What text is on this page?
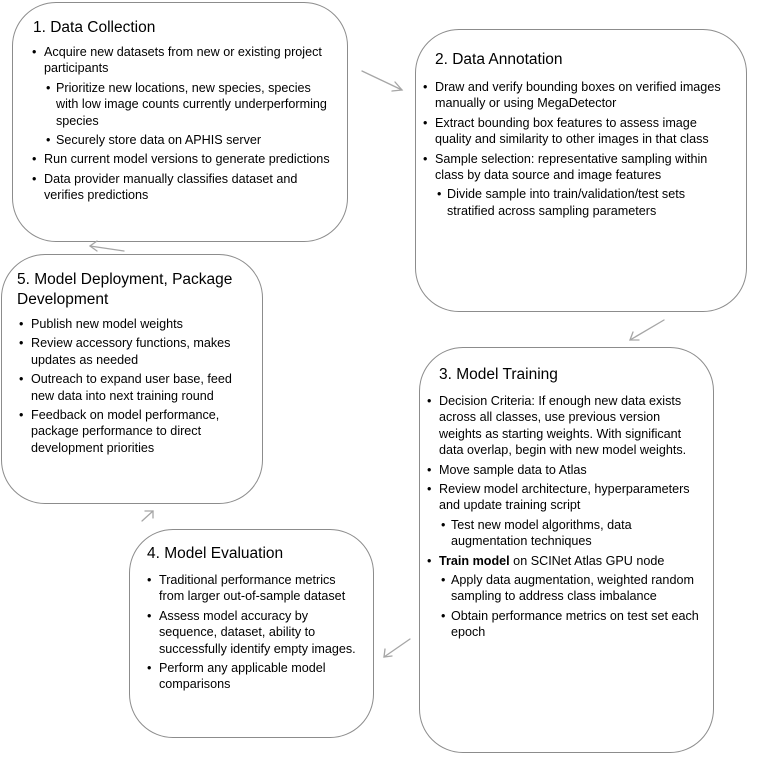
1. Data Collection
• Acquire new datasets from new or existing project participants
• Prioritize new locations, new species, species with low image counts currently underperforming species
• Securely store data on APHIS server
• Run current model versions to generate predictions
• Data provider manually classifies dataset and verifies predictions
2. Data Annotation
• Draw and verify bounding boxes on verified images manually or using MegaDetector
• Extract bounding box features to assess image quality and similarity to other images in that class
• Sample selection: representative sampling within class by data source and image features
• Divide sample into train/validation/test sets stratified across sampling parameters
3. Model Training
• Decision Criteria: If enough new data exists across all classes, use previous version weights as starting weights. With significant data overlap, begin with new model weights.
• Move sample data to Atlas
• Review model architecture, hyperparameters and update training script
• Test new model algorithms, data augmentation techniques
• Train model on SCINet Atlas GPU node
• Apply data augmentation, weighted random sampling to address class imbalance
• Obtain performance metrics on test set each epoch
4. Model Evaluation
• Traditional performance metrics from larger out-of-sample dataset
• Assess model accuracy by sequence, dataset, ability to successfully identify empty images.
• Perform any applicable model comparisons
5. Model Deployment, Package Development
• Publish new model weights
• Review accessory functions, makes updates as needed
• Outreach to expand user base, feed new data into next training round
• Feedback on model performance, package performance to direct development priorities
